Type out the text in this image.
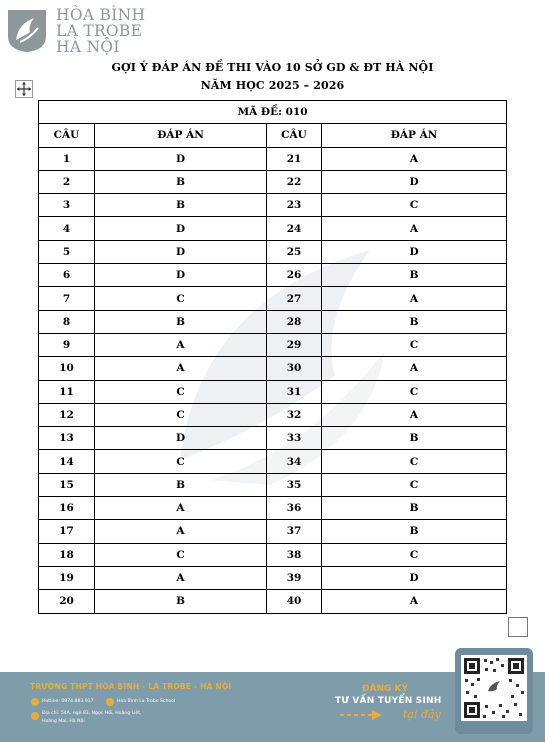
HÒA BÌNH
LA TROBE
HÀ NỘI
GỢI Ý ĐÁP ÁN ĐỀ THI VÀO 10 SỞ GD & ĐT HÀ NỘI
NĂM HỌC 2025 – 2026
MÃ ĐỀ: 010			
CÂU	ĐÁP ÁN	CÂU	ĐÁP ÁN
1	D	21	A
2	B	22	D
3	B	23	C
4	D	24	A
5	D	25	D
6	D	26	B
7	C	27	A
8	B	28	B
9	A	29	C
10	A	30	A
11	C	31	C
12	C	32	A
13	D	33	B
14	C	34	C
15	B	35	C
16	A	36	B
17	A	37	B
18	C	38	C
19	A	39	D
20	B	40	A
TRƯỜNG THPT HÒA BÌNH - LA TROBE - HÀ NỘI
Hotline: 0974.883.917	Hòa Bình La Trobe School
Địa chỉ: 54A, ngõ 83, Ngọc Hồi, Hoàng Liệt,
Hoàng Mai, Hà Nội
ĐĂNG KÝ
TƯ VẤN TUYỂN SINH
tại đây
